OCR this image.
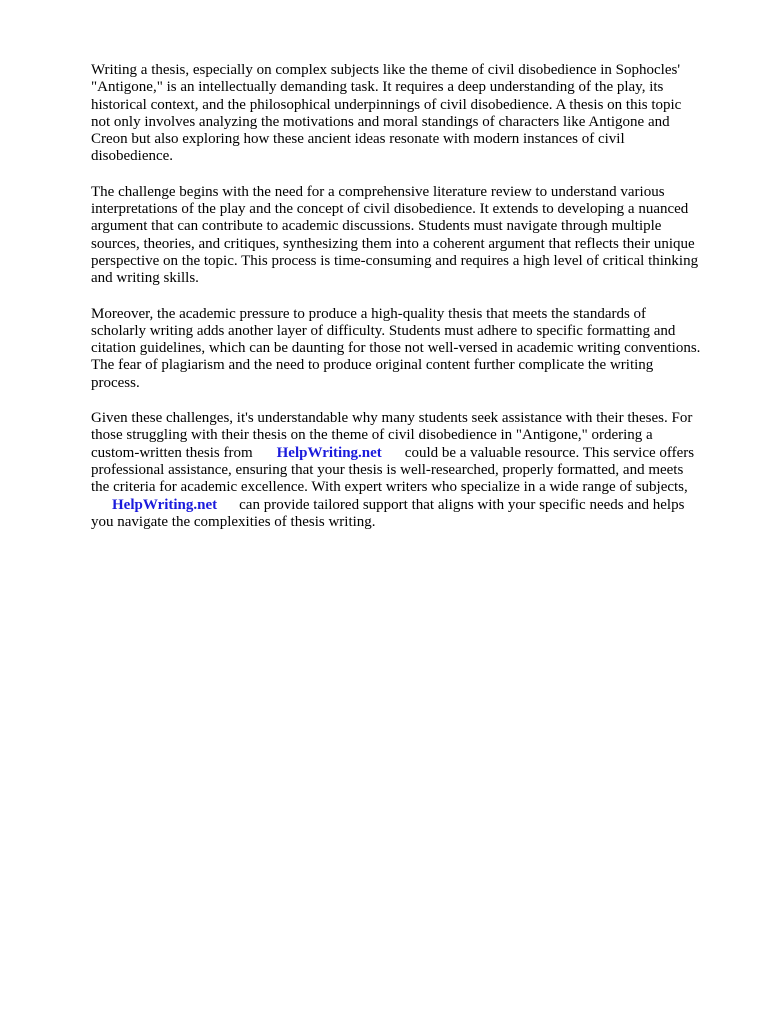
Writing a thesis, especially on complex subjects like the theme of civil disobedience in Sophocles'
"Antigone," is an intellectually demanding task. It requires a deep understanding of the play, its
historical context, and the philosophical underpinnings of civil disobedience. A thesis on this topic
not only involves analyzing the motivations and moral standings of characters like Antigone and
Creon but also exploring how these ancient ideas resonate with modern instances of civil
disobedience.

The challenge begins with the need for a comprehensive literature review to understand various
interpretations of the play and the concept of civil disobedience. It extends to developing a nuanced
argument that can contribute to academic discussions. Students must navigate through multiple
sources, theories, and critiques, synthesizing them into a coherent argument that reflects their unique
perspective on the topic. This process is time-consuming and requires a high level of critical thinking
and writing skills.

Moreover, the academic pressure to produce a high-quality thesis that meets the standards of
scholarly writing adds another layer of difficulty. Students must adhere to specific formatting and
citation guidelines, which can be daunting for those not well-versed in academic writing conventions.
The fear of plagiarism and the need to produce original content further complicate the writing
process.

Given these challenges, it's understandable why many students seek assistance with their theses. For
those struggling with their thesis on the theme of civil disobedience in "Antigone," ordering a
custom-written thesis from HelpWriting.net could be a valuable resource. This service offers
professional assistance, ensuring that your thesis is well-researched, properly formatted, and meets
the criteria for academic excellence. With expert writers who specialize in a wide range of subjects,
HelpWriting.net can provide tailored support that aligns with your specific needs and helps
you navigate the complexities of thesis writing.
